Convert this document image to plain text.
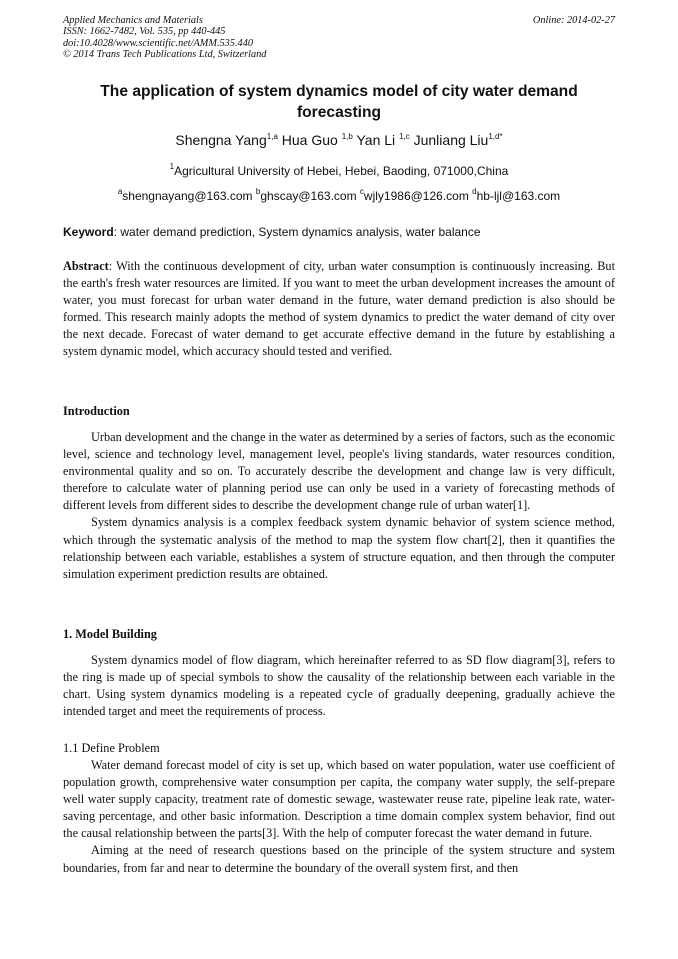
Applied Mechanics and Materials
ISSN: 1662-7482, Vol. 535, pp 440-445
doi:10.4028/www.scientific.net/AMM.535.440
© 2014 Trans Tech Publications Ltd, Switzerland
Online: 2014-02-27
The application of system dynamics model of city water demand forecasting
Shengna Yang$^{1,a}$ Hua Guo $^{1,b}$ Yan Li $^{1,c}$ Junliang Liu$^{1,d*}$
$^1$Agricultural University of Hebei, Hebei, Baoding, 071000,China
$^a$shengnayang@163.com $^b$ghscay@163.com $^c$wjly1986@126.com $^d$hb-ljl@163.com
Keyword: water demand prediction, System dynamics analysis, water balance

Abstract: With the continuous development of city, urban water consumption is continuously increasing. But the earth's fresh water resources are limited. If you want to meet the urban development increases the amount of water, you must forecast for urban water demand in the future, water demand prediction is also should be formed. This research mainly adopts the method of system dynamics to predict the water demand of city over the next decade. Forecast of water demand to get accurate effective demand in the future by establishing a system dynamic model, which accuracy should tested and verified.

Introduction

Urban development and the change in the water as determined by a series of factors, such as the economic level, science and technology level, management level, people's living standards, water resources condition, environmental quality and so on. To accurately describe the development and change law is very difficult, therefore to calculate water of planning period use can only be used in a variety of forecasting methods of different levels from different sides to describe the development change rule of urban water[1].

System dynamics analysis is a complex feedback system dynamic behavior of system science method, which through the systematic analysis of the method to map the system flow chart[2], then it quantifies the relationship between each variable, establishes a system of structure equation, and then through the computer simulation experiment prediction results are obtained.

1. Model Building

System dynamics model of flow diagram, which hereinafter referred to as SD flow diagram[3], refers to the ring is made up of special symbols to show the causality of the relationship between each variable in the chart. Using system dynamics modeling is a repeated cycle of gradually deepening, gradually achieve the intended target and meet the requirements of process.

1.1 Define Problem

Water demand forecast model of city is set up, which based on water population, water use coefficient of population growth, comprehensive water consumption per capita, the company water supply, the self-prepare well water supply capacity, treatment rate of domestic sewage, wastewater reuse rate, pipeline leak rate, water-saving percentage, and other basic information. Description a time domain complex system behavior, find out the causal relationship between the parts[3]. With the help of computer forecast the water demand in future.

Aiming at the need of research questions based on the principle of the system structure and system boundaries, from far and near to determine the boundary of the overall system first, and then
